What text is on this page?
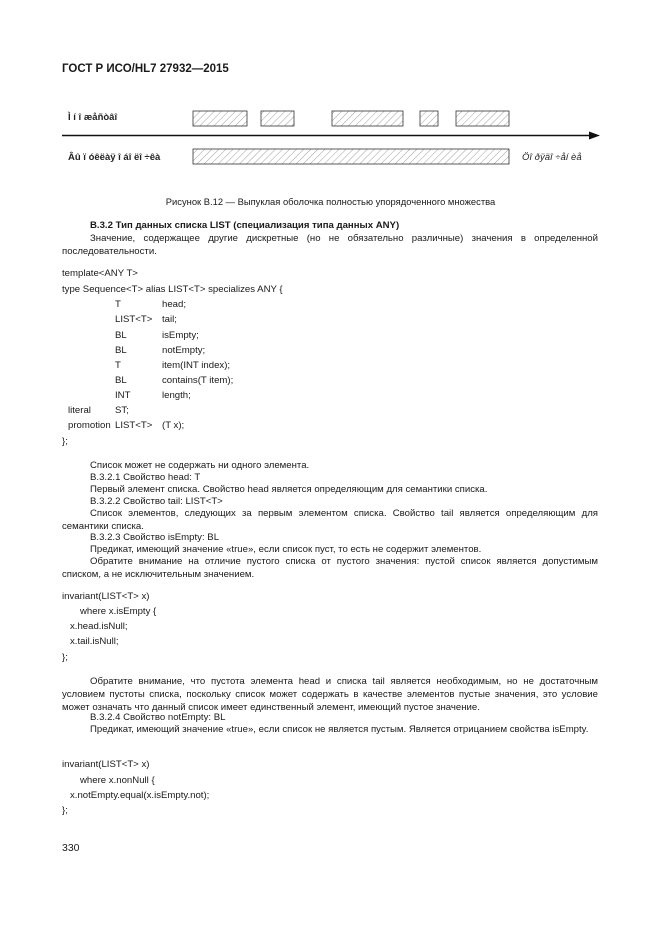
ГОСТ Р ИСО/HL7 27932—2015
Ì í î æåñòâî
Âû ï óêëàÿ î áî ëî ÷êà	Öî ðÿäî ÷åí èå
Рисунок В.12 — Выпуклая оболочка полностью упорядоченного множества
В.3.2 Тип данных списка LIST (специализация типа данных ANY)
Значение, содержащее другие дискретные (но не обязательно различные) значения в определенной последовательности.
template<ANY T>
type Sequence<T> alias LIST<T> specializes ANY {
T	head;
LIST<T> tail;
BL	isEmpty;
BL	notEmpty;
T	item(INT index);
BL	contains(T item);
INT	length;
literal	ST;
promotion LIST<T> (T x);
};
Список может не содержать ни одного элемента.
В.3.2.1 Свойство head: T
Первый элемент списка. Свойство head является определяющим для семантики списка.
В.3.2.2 Свойство tail: LIST<T>
Список элементов, следующих за первым элементом списка. Свойство tail является определяющим для семантики списка.
В.3.2.3 Свойство isEmpty: BL
Предикат, имеющий значение «true», если список пуст, то есть не содержит элементов.
Обратите внимание на отличие пустого списка от пустого значения: пустой список является допустимым списком, а не исключительным значением.
invariant(LIST<T> x)
where x.isEmpty {
x.head.isNull;
x.tail.isNull;
};
Обратите внимание, что пустота элемента head и списка tail является необходимым, но не достаточным условием пустоты списка, поскольку список может содержать в качестве элементов пустые значения, это условие может означать что данный список имеет единственный элемент, имеющий пустое значение.
В.3.2.4 Свойство notEmpty: BL
Предикат, имеющий значение «true», если список не является пустым. Является отрицанием свойства isEmpty.
invariant(LIST<T> x)
where x.nonNull {
x.notEmpty.equal(x.isEmpty.not);
};
330
